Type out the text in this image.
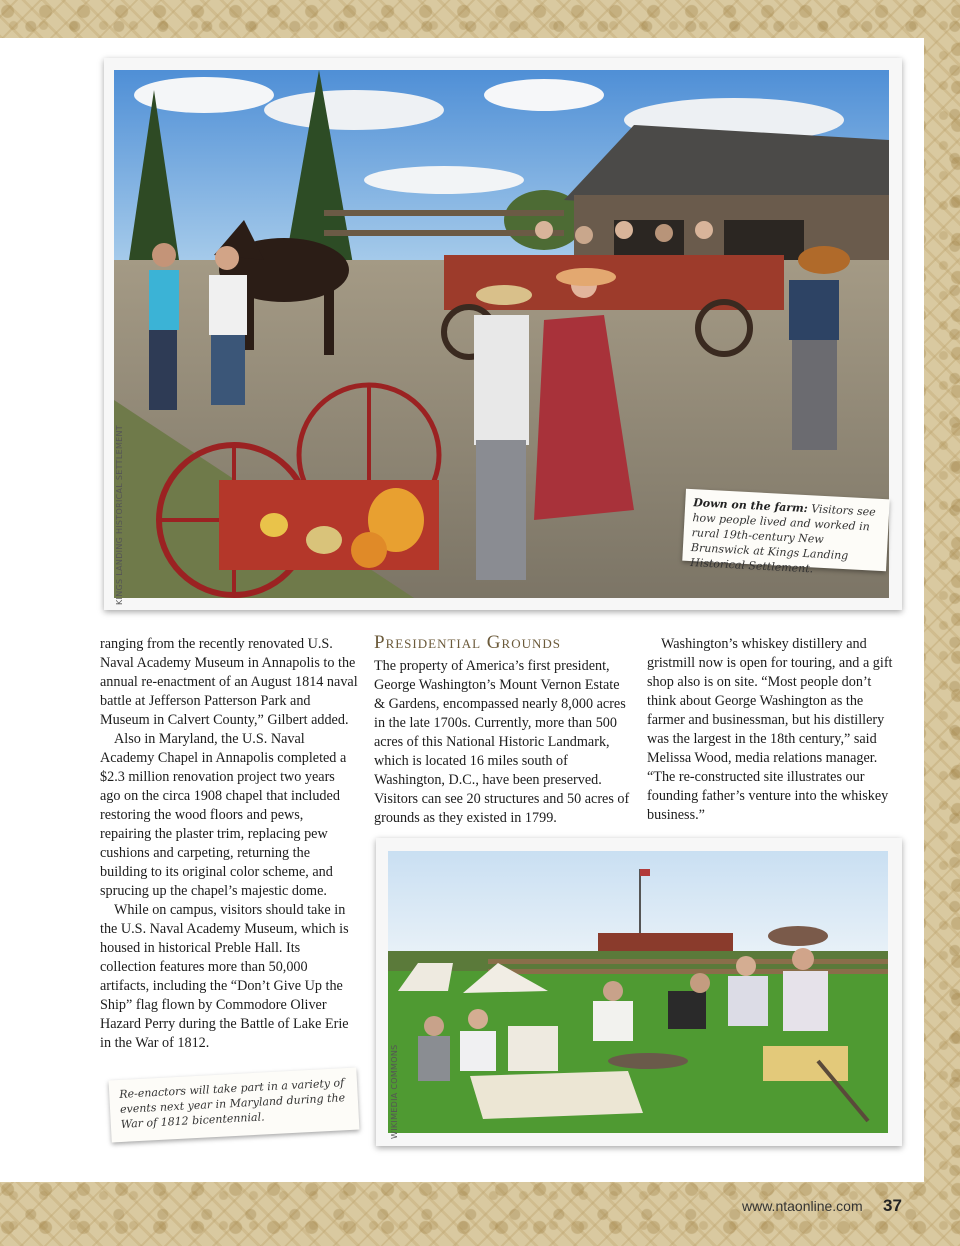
KINGS LANDING HISTORICAL SETTLEMENT	Down on the farm: Visitors see how people lived and worked in rural 19th-century New Brunswick at Kings Landing Historical Settlement.

ranging from the recently renovated U.S. Naval Academy Museum in Annapolis to the annual re-enactment of an August 1814 naval battle at Jefferson Patterson Park and Museum in Calvert County,” Gilbert added.

Also in Maryland, the U.S. Naval Academy Chapel in Annapolis completed a $2.3 million renovation project two years ago on the circa 1908 chapel that included restoring the wood floors and pews, repairing the plaster trim, replacing pew cushions and carpeting, returning the building to its original color scheme, and sprucing up the chapel’s majestic dome.

While on campus, visitors should take in the U.S. Naval Academy Museum, which is housed in historical Preble Hall. Its collection features more than 50,000 artifacts, including the “Don’t Give Up the Ship” flag flown by Commodore Oliver Hazard Perry during the Battle of Lake Erie in the War of 1812.

Presidential Grounds

The property of America’s first president, George Washington’s Mount Vernon Estate & Gardens, encompassed nearly 8,000 acres in the late 1700s. Currently, more than 500 acres of this National Historic Landmark, which is located 16 miles south of Washington, D.C., have been preserved. Visitors can see 20 structures and 50 acres of grounds as they existed in 1799.

Washington’s whiskey distillery and gristmill now is open for touring, and a gift shop also is on site. “Most people don’t think about George Washington as the farmer and businessman, but his distillery was the largest in the 18th century,” said Melissa Wood, media relations manager. “The re-constructed site illustrates our founding father’s venture into the whiskey business.”

WIKIMEDIA COMMONS
Re-enactors will take part in a variety of events next year in Maryland during the War of 1812 bicentennial.
www.ntaonline.com 37
